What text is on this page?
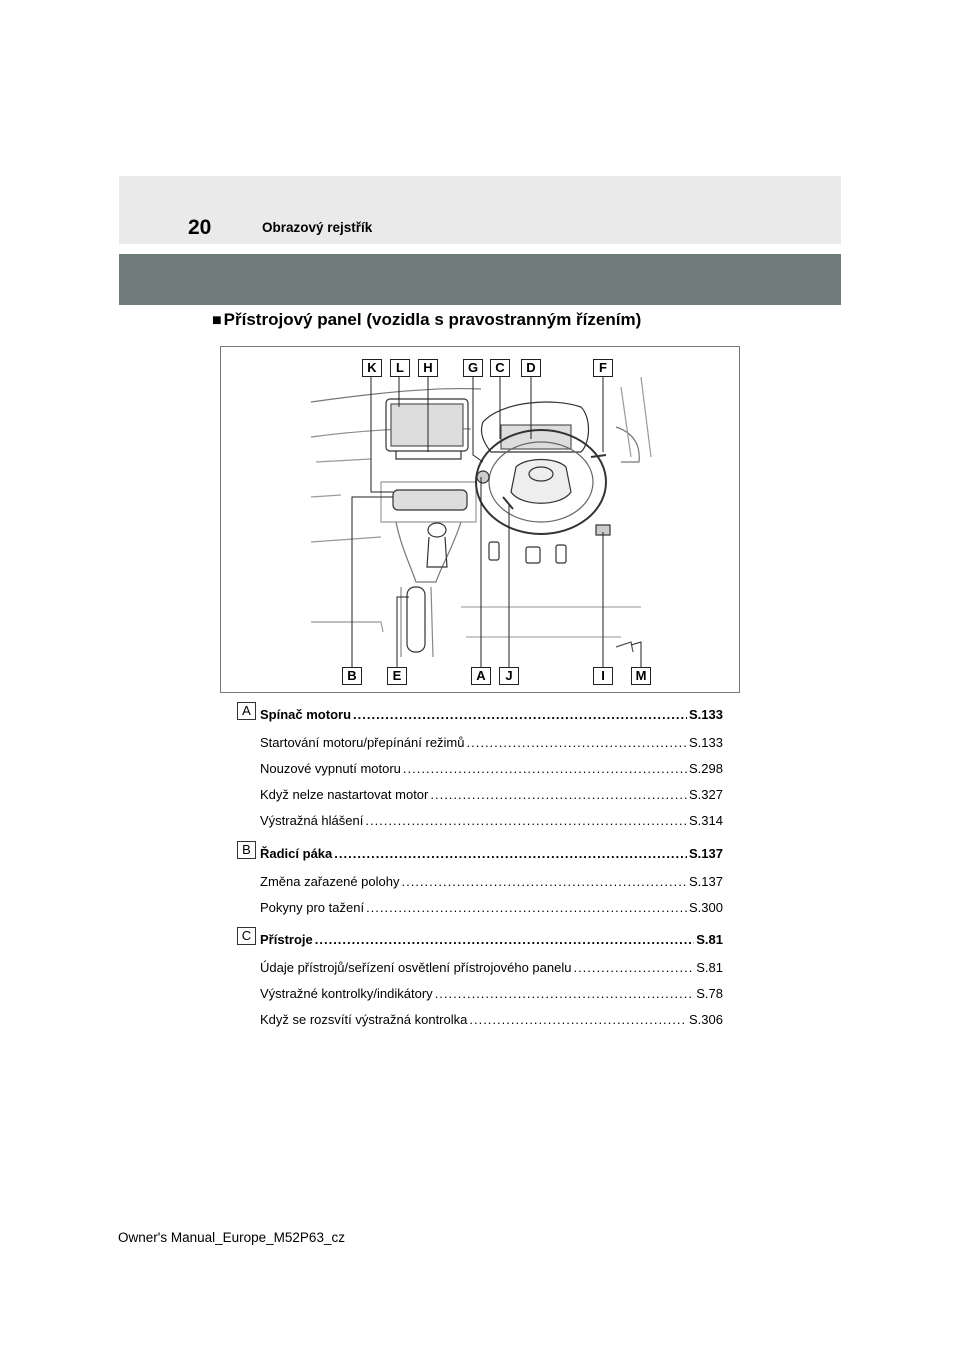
20	Obrazový rejstřík
■ Přístrojový panel (vozidla s pravostranným řízením)
K	L	H	G	C	D	F
B	E	A	J	I	M
A Spínač motoru .....	S.133
Startování motoru/přepínání režimů .....	S.133
Nouzové vypnutí motoru .....	S.298
Když nelze nastartovat motor .....	S.327
Výstražná hlášení .....	S.314
B Řadicí páka .....	S.137
Změna zařazené polohy .....	S.137
Pokyny pro tažení .....	S.300
C Přístroje .....	S.81
Údaje přístrojů/seřízení osvětlení přístrojového panelu .....	S.81
Výstražné kontrolky/indikátory .....	S.78
Když se rozsvítí výstražná kontrolka .....	S.306
Owner's Manual_Europe_M52P63_cz
